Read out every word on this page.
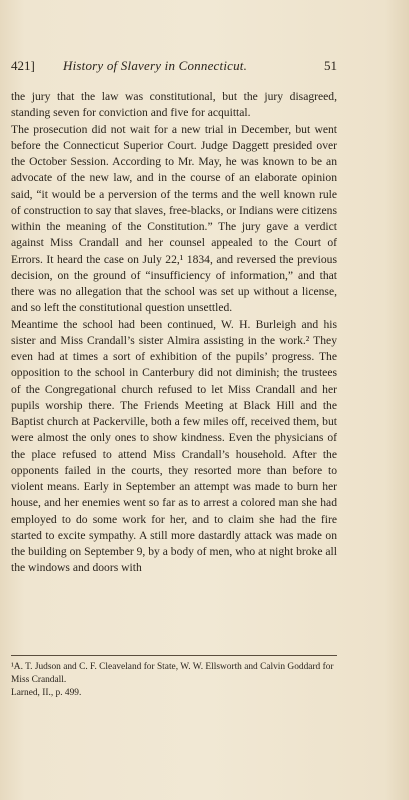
421] History of Slavery in Connecticut.	51

the jury that the law was constitutional, but the jury disagreed, standing seven for conviction and five for acquittal.

The prosecution did not wait for a new trial in December, but went before the Connecticut Superior Court. Judge Daggett presided over the October Session. According to Mr. May, he was known to be an advocate of the new law, and in the course of an elaborate opinion said, “it would be a perversion of the terms and the well known rule of construction to say that slaves, free-blacks, or Indians were citizens within the meaning of the Constitution.” The jury gave a verdict against Miss Crandall and her counsel appealed to the Court of Errors. It heard the case on July 22,¹ 1834, and reversed the previous decision, on the ground of “insufficiency of information,” and that there was no allegation that the school was set up without a license, and so left the constitutional question unsettled.

Meantime the school had been continued, W. H. Burleigh and his sister and Miss Crandall’s sister Almira assisting in the work.² They even had at times a sort of exhibition of the pupils’ progress. The opposition to the school in Canterbury did not diminish; the trustees of the Congregational church refused to let Miss Crandall and her pupils worship there. The Friends Meeting at Black Hill and the Baptist church at Packerville, both a few miles off, received them, but were almost the only ones to show kindness. Even the physicians of the place refused to attend Miss Crandall’s household. After the opponents failed in the courts, they resorted more than before to violent means. Early in September an attempt was made to burn her house, and her enemies went so far as to arrest a colored man she had employed to do some work for her, and to claim she had the fire started to excite sympathy. A still more dastardly attack was made on the building on September 9, by a body of men, who at night broke all the windows and doors with

¹A. T. Judson and C. F. Cleaveland for State, W. W. Ellsworth and Calvin Goddard for Miss Crandall.

Larned, II., p. 499.
